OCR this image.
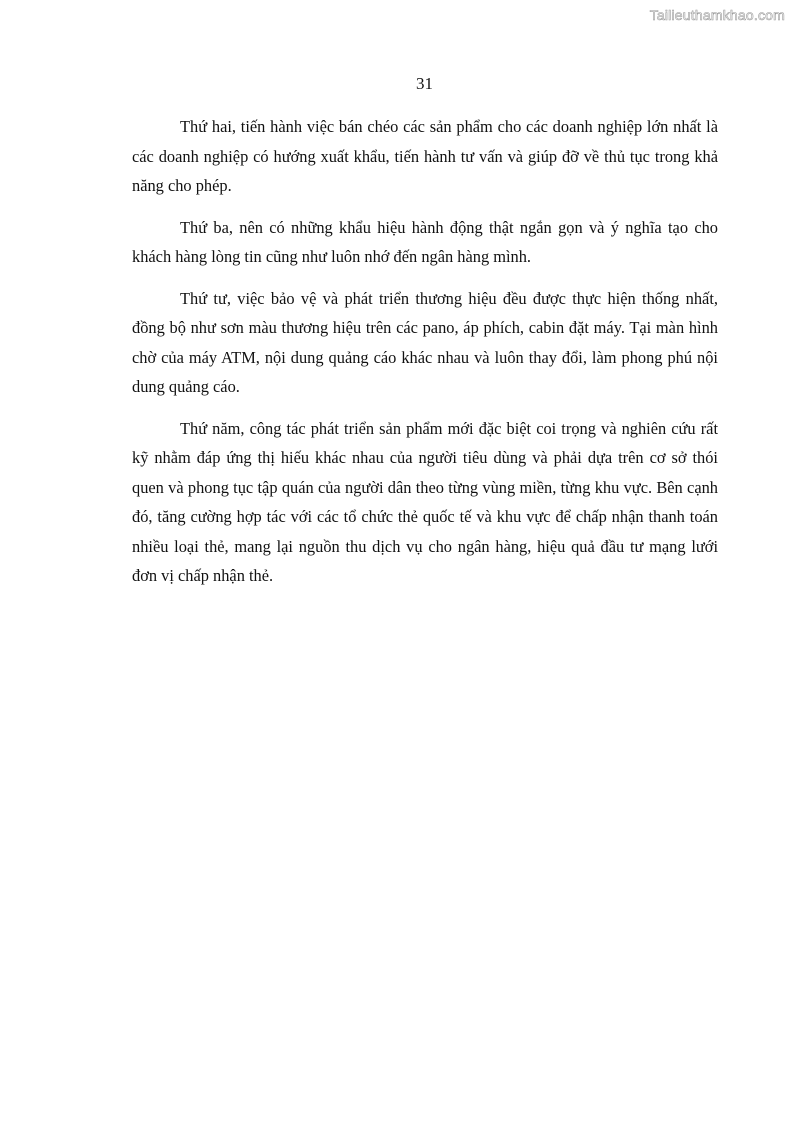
Tailieuthamkhao.com
31

Thứ hai, tiến hành việc bán chéo các sản phẩm cho các doanh nghiệp lớn nhất là các doanh nghiệp có hướng xuất khẩu, tiến hành tư vấn và giúp đỡ về thủ tục trong khả năng cho phép.

Thứ ba, nên có những khẩu hiệu hành động thật ngắn gọn và ý nghĩa tạo cho khách hàng lòng tin cũng như luôn nhớ đến ngân hàng mình.

Thứ tư, việc bảo vệ và phát triển thương hiệu đều được thực hiện thống nhất, đồng bộ như sơn màu thương hiệu trên các pano, áp phích, cabin đặt máy. Tại màn hình chờ của máy ATM, nội dung quảng cáo khác nhau và luôn thay đổi, làm phong phú nội dung quảng cáo.

Thứ năm, công tác phát triển sản phẩm mới đặc biệt coi trọng và nghiên cứu rất kỹ nhằm đáp ứng thị hiếu khác nhau của người tiêu dùng và phải dựa trên cơ sở thói quen và phong tục tập quán của người dân theo từng vùng miền, từng khu vực. Bên cạnh đó, tăng cường hợp tác với các tổ chức thẻ quốc tế và khu vực để chấp nhận thanh toán nhiều loại thẻ, mang lại nguồn thu dịch vụ cho ngân hàng, hiệu quả đầu tư mạng lưới đơn vị chấp nhận thẻ.
